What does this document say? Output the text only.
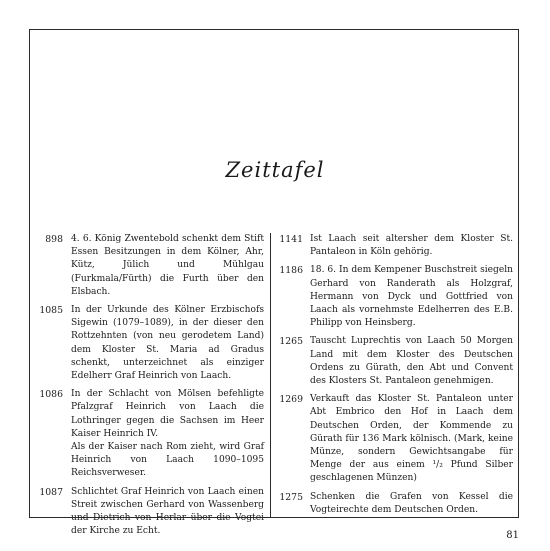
Zeittafel
898 4. 6. König Zwentebold schenkt dem Stift Essen Besitzungen in dem Kölner, Ahr, Kütz, Jülich und Mühlgau (Furkmala/Fürth) die Furth über den Elsbach.

1085 In der Urkunde des Kölner Erzbischofs Sigewin (1079–1089), in der dieser den Rottzehnten (von neu gerodetem Land) dem Kloster St. Maria ad Gradus schenkt, unterzeichnet als einziger Edelherr Graf Heinrich von Laach.

1086 In der Schlacht von Mölsen befehligte Pfalzgraf Heinrich von Laach die Lothringer gegen die Sachsen im Heer Kaiser Heinrich IV.

Als der Kaiser nach Rom zieht, wird Graf Heinrich von Laach 1090–1095 Reichsverweser.

1087 Schlichtet Graf Heinrich von Laach einen Streit zwischen Gerhard von Wassenberg und Dietrich von Herlar über die Vogtei der Kirche zu Echt.

1141 Ist Laach seit altersher dem Kloster St. Pantaleon in Köln gehörig.

1186 18. 6. In dem Kempener Buschstreit siegeln Gerhard von Randerath als Holzgraf, Hermann von Dyck und Gottfried von Laach als vornehmste Edelherren des E.B. Philipp von Heinsberg.

1265 Tauscht Luprechtis von Laach 50 Morgen Land mit dem Kloster des Deutschen Ordens zu Gürath, den Abt und Convent des Klosters St. Pantaleon genehmigen.

1269 Verkauft das Kloster St. Pantaleon unter Abt Embrico den Hof in Laach dem Deutschen Orden, der Kommende zu Gürath für 136 Mark kölnisch. (Mark, keine Münze, sondern Gewichtsangabe für Menge der aus einem ¹/₂ Pfund Silber geschlagenen Münzen)

1275 Schenken die Grafen von Kessel die Vogteirechte dem Deutschen Orden.

81
